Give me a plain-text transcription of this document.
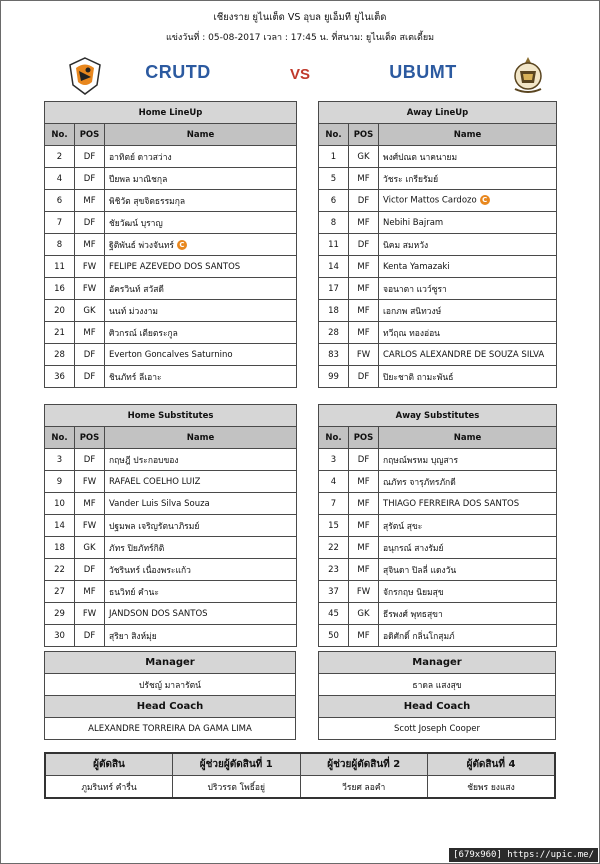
เชียงราย ยูไนเต็ด VS อุบล ยูเอ็มที ยูไนเต็ด
แข่งวันที่ : 05-08-2017 เวลา : 17:45 น. ที่สนาม: ยูไนเต็ด สเตเดี้ยม
CRUTD	VS	UBUMT
Home LineUp		
No.	POS	Name
2	DF	อาทิตย์ ดาวสว่าง
4	DF	ปียพล มาณิชกุล
6	MF	พิชิวัต สุขจิตธรรมกุล
7	DF	ชัยวัฒน์ บุราญ
8	MF	ฐิติพันธ์ พ่วงจันทร์ C
11	FW	FELIPE AZEVEDO DOS SANTOS
16	FW	อัครวินท์ สวัสดี
20	GK	นนท์ ม่วงงาม
21	MF	ศิวกรณ์ เตียตระกูล
28	DF	Everton Goncalves Saturnino
36	DF	ชินภัทร์ ลีเอาะ
Away LineUp		
No.	POS	Name
1	GK	พงศ์ปณต นาคนายม
5	MF	วัชระ เกรียรัมย์
6	DF	Victor Mattos Cardozo C
8	MF	Nebihi Bajram
11	DF	นิคม สมหวัง
14	MF	Kenta Yamazaki
17	MF	จอนาตา แวว์ซูรา
18	MF	เอกภพ สนิทวงษ์
28	MF	ทวีฤณ ทองอ่อน
83	FW	CARLOS ALEXANDRE DE SOUZA SILVA
99	DF	ปิยะชาติ ถามะพันธ์
Home Substitutes		
No.	POS	Name
3	DF	กฤษฎี ประกอบของ
9	FW	RAFAEL COELHO LUIZ
10	MF	Vander Luis Silva Souza
14	FW	ปฐมพล เจริญรัตนาภิรมย์
18	GK	ภัทร ปิยภัทร์กิติ
22	DF	วัชรินทร์ เนื่องพระแก้ว
27	MF	ธนวิทย์ คำนะ
29	FW	JANDSON DOS SANTOS
30	DF	สุริยา สิงห์มุ่ย
Away Substitutes		
No.	POS	Name
3	DF	กฤษณ์พรหม บุญสาร
4	MF	ณภัทร จารุภัทรภักดี
7	MF	THIAGO FERREIRA DOS SANTOS
15	MF	สุรัตน์ สุขะ
22	MF	อนุกรณ์ สางรัมย์
23	MF	สุจินดา ปิลลี่ แดงวัน
37	FW	จักรกฤษ นิยมสุข
45	GK	ธีรพงศ์ พุทธสุขา
50	MF	อดิศักดิ์ กลิ่นโกสุมภ์
Manager
ปรัชญ์ มาลารัตน์
Head Coach
ALEXANDRE TORREIRA DA GAMA LIMA
Manager
ธาดล แสงสุข
Head Coach
Scott Joseph Cooper
ผู้ตัดสิน	ผู้ช่วยผู้ตัดสินที่ 1	ผู้ช่วยผู้ตัดสินที่ 2	ผู้ตัดสินที่ 4
ภูมรินทร์ คำรื่น	ปริวรรต โพธิ์อยู่	วีรยศ ลอคำ	ชัยพร ยงแสง
[679x960] https://upic.me/
